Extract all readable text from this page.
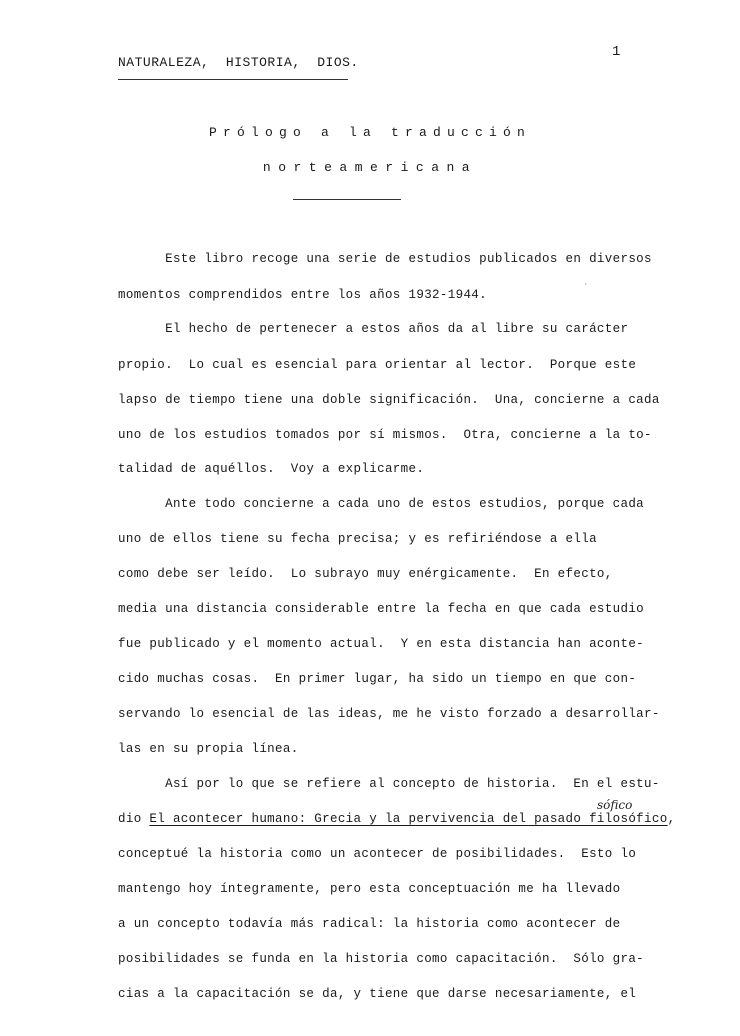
NATURALEZA,  HISTORIA,  DIOS.
1
Prólogo a la traducción
norteamericana
·
Este libro recoge una serie de estudios publicados en diversos
momentos comprendidos entre los años 1932-1944.
El hecho de pertenecer a estos años da al libre su carácter
propio.  Lo cual es esencial para orientar al lector.  Porque este
lapso de tiempo tiene una doble significación.  Una, concierne a cada
uno de los estudios tomados por sí mismos.  Otra, concierne a la to-
talidad de aquéllos.  Voy a explicarme.
Ante todo concierne a cada uno de estos estudios, porque cada
uno de ellos tiene su fecha precisa; y es refiriéndose a ella
como debe ser leído.  Lo subrayo muy enérgicamente.  En efecto,
media una distancia considerable entre la fecha en que cada estudio
fue publicado y el momento actual.  Y en esta distancia han aconte-
cido muchas cosas.  En primer lugar, ha sido un tiempo en que con-
servando lo esencial de las ideas, me he visto forzado a desarrollar-
las en su propia línea.
Así por lo que se refiere al concepto de historia.  En el estu-
dio El acontecer humano: Grecia y la pervivencia del pasado filosófico,
sófico
conceptué la historia como un acontecer de posibilidades.  Esto lo
mantengo hoy íntegramente, pero esta conceptuación me ha llevado
a un concepto todavía más radical: la historia como acontecer de
posibilidades se funda en la historia como capacitación.  Sólo gra-
cias a la capacitación se da, y tiene que darse necesariamente, el
